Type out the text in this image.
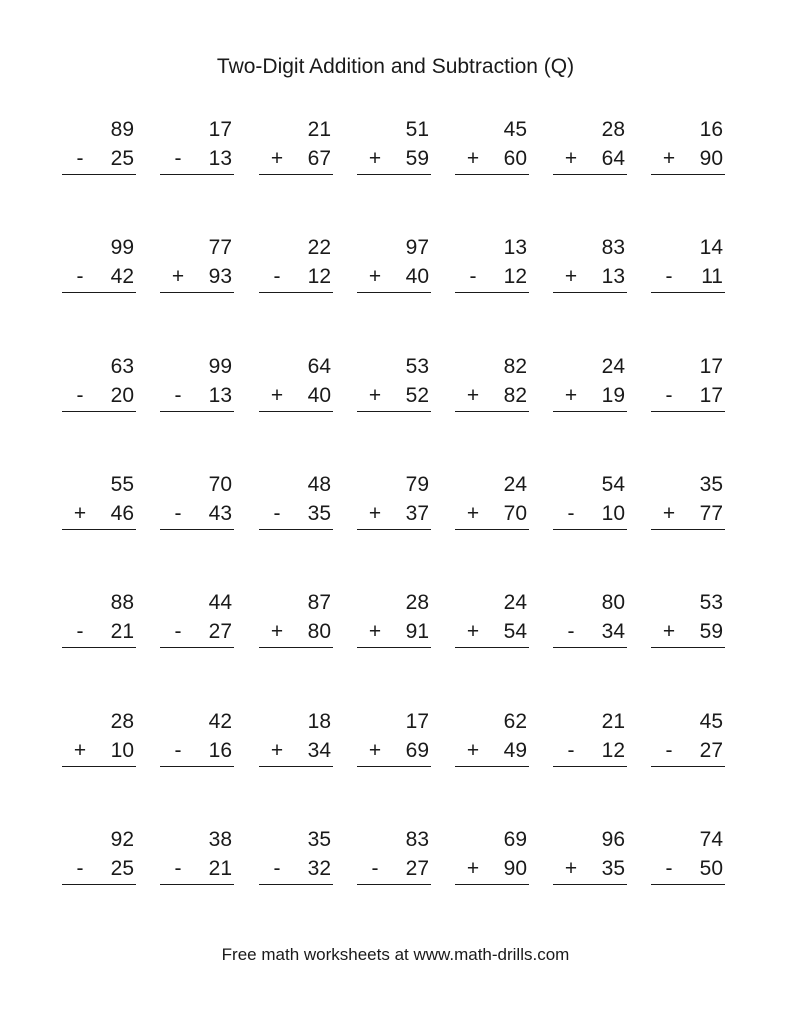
Two-Digit Addition and Subtraction (Q)
89
- 25
17
- 13
21
+ 67
51
+ 59
45
+ 60
28
+ 64
16
+ 90
99
- 42
77
+ 93
22
- 12
97
+ 40
13
- 12
83
+ 13
14
- 11
63
- 20
99
- 13
64
+ 40
53
+ 52
82
+ 82
24
+ 19
17
- 17
55
+ 46
70
- 43
48
- 35
79
+ 37
24
+ 70
54
- 10
35
+ 77
88
- 21
44
- 27
87
+ 80
28
+ 91
24
+ 54
80
- 34
53
+ 59
28
+ 10
42
- 16
18
+ 34
17
+ 69
62
+ 49
21
- 12
45
- 27
92
- 25
38
- 21
35
- 32
83
- 27
69
+ 90
96
+ 35
74
- 50
Free math worksheets at www.math-drills.com
